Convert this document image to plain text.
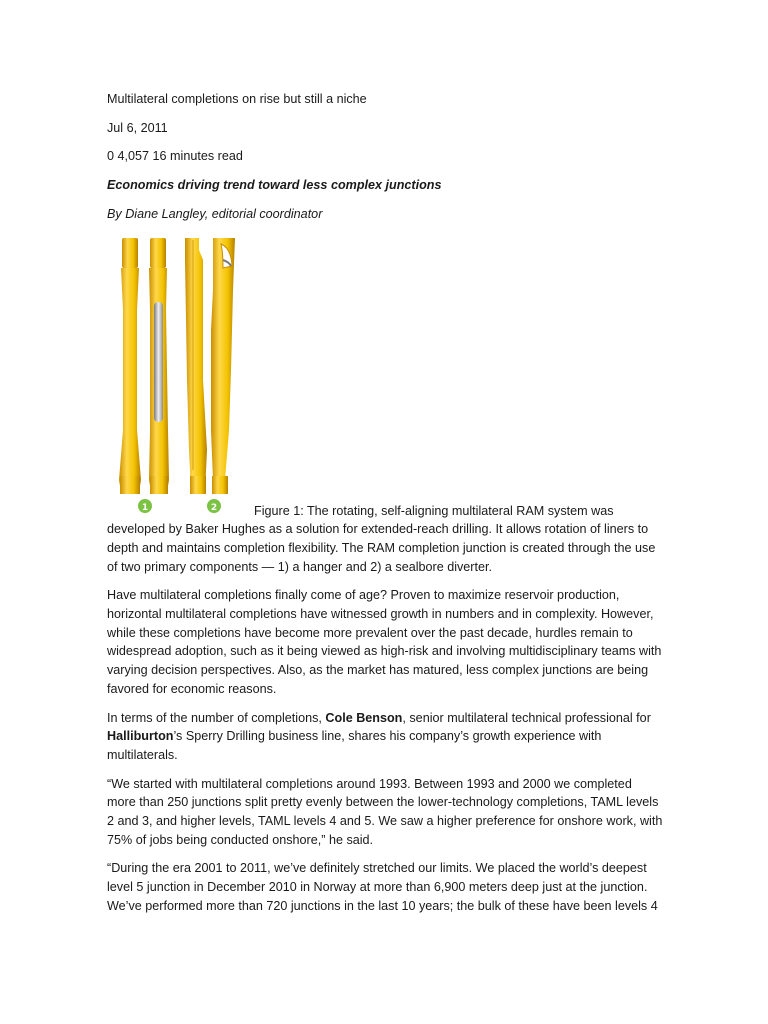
Multilateral completions on rise but still a niche

Jul 6, 2011

0 4,057 16 minutes read

Economics driving trend toward less complex junctions

By Diane Langley, editorial coordinator

1	2	Figure 1: The rotating, self-aligning multilateral RAM system was developed by Baker Hughes as a solution for extended-reach drilling. It allows rotation of liners to depth and maintains completion flexibility. The RAM completion junction is created through the use of two primary components — 1) a hanger and 2) a sealbore diverter.

Have multilateral completions finally come of age? Proven to maximize reservoir production, horizontal multilateral completions have witnessed growth in numbers and in complexity. However, while these completions have become more prevalent over the past decade, hurdles remain to widespread adoption, such as it being viewed as high-risk and involving multidisciplinary teams with varying decision perspectives. Also, as the market has matured, less complex junctions are being favored for economic reasons.

In terms of the number of completions, Cole Benson, senior multilateral technical professional for Halliburton’s Sperry Drilling business line, shares his company’s growth experience with multilaterals.

“We started with multilateral completions around 1993. Between 1993 and 2000 we completed more than 250 junctions split pretty evenly between the lower-technology completions, TAML levels 2 and 3, and higher levels, TAML levels 4 and 5. We saw a higher preference for onshore work, with 75% of jobs being conducted onshore,” he said.

“During the era 2001 to 2011, we’ve definitely stretched our limits. We placed the world’s deepest level 5 junction in December 2010 in Norway at more than 6,900 meters deep just at the junction. We’ve performed more than 720 junctions in the last 10 years; the bulk of these have been levels 4
